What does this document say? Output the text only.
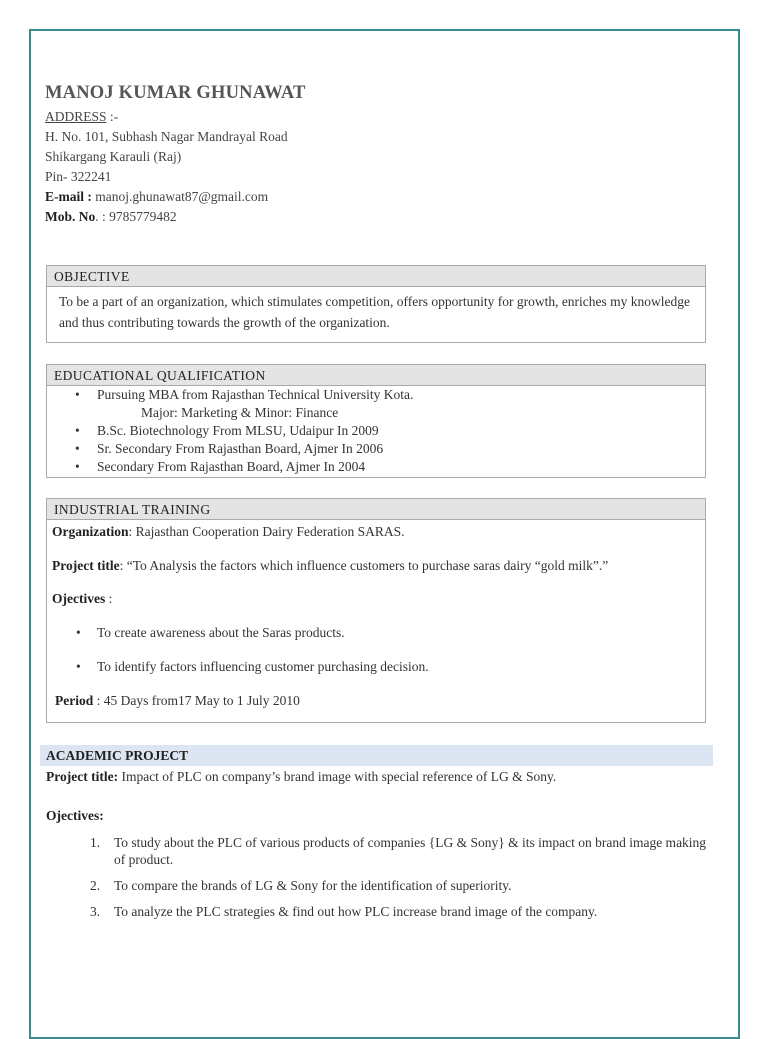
MANOJ KUMAR GHUNAWAT
ADDRESS :-
H. No. 101, Subhash Nagar Mandrayal Road
Shikargang Karauli (Raj)
Pin- 322241
E-mail : manoj.ghunawat87@gmail.com
Mob. No. : 9785779482
OBJECTIVE
To be a part of an organization, which stimulates competition, offers opportunity for growth, enriches my knowledge and thus contributing towards the growth of the organization.
EDUCATIONAL QUALIFICATION
• Pursuing MBA from Rajasthan Technical University Kota.
Major: Marketing & Minor: Finance
• B.Sc. Biotechnology From MLSU, Udaipur In 2009
• Sr. Secondary From Rajasthan Board, Ajmer In 2006
• Secondary From Rajasthan Board, Ajmer In 2004
INDUSTRIAL TRAINING
Organization: Rajasthan Cooperation Dairy Federation SARAS.
Project title: “To Analysis the factors which influence customers to purchase saras dairy “gold milk”.”
Ojectives :
• To create awareness about the Saras products.
• To identify factors influencing customer purchasing decision.
Period : 45 Days from17 May to 1 July 2010
ACADEMIC PROJECT
Project title: Impact of PLC on company’s brand image with special reference of LG & Sony.
Ojectives:
1. To study about the PLC of various products of companies {LG & Sony} & its impact on brand image making of product.
2. To compare the brands of LG & Sony for the identification of superiority.
3. To analyze the PLC strategies & find out how PLC increase brand image of the company.
